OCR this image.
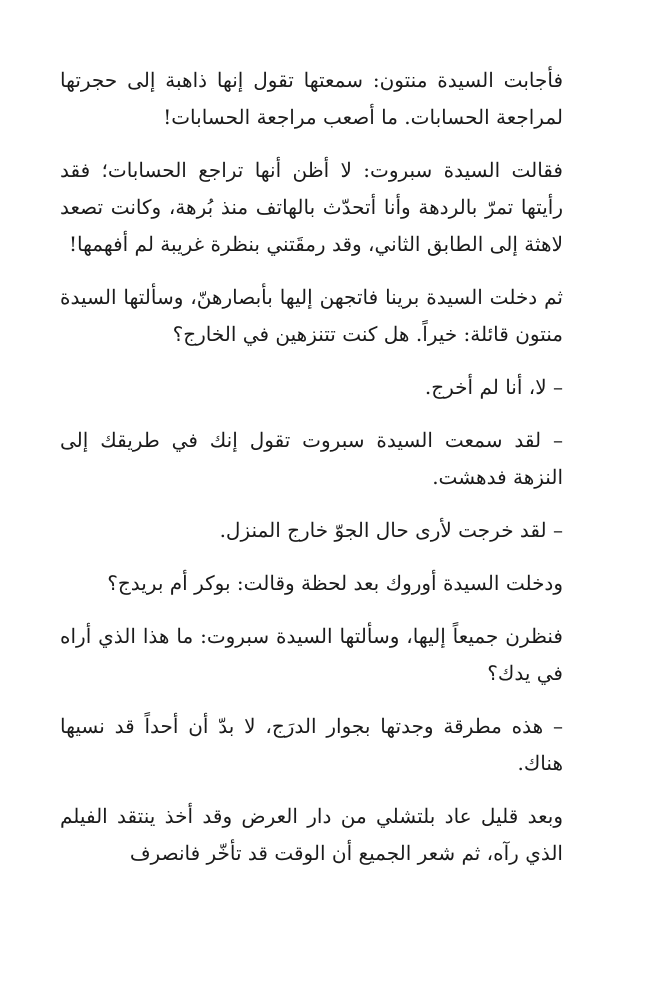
فأجابت السيدة منتون: سمعتها تقول إنها ذاهبة إلى حجرتها لمراجعة الحسابات. ما أصعب مراجعة الحسابات!

فقالت السيدة سبروت: لا أظن أنها تراجع الحسابات؛ فقد رأيتها تمرّ بالردهة وأنا أتحدّث بالهاتف منذ بُرهة، وكانت تصعد لاهثة إلى الطابق الثاني، وقد رمقَتني بنظرة غريبة لم أفهمها!

ثم دخلت السيدة برينا فاتجهن إليها بأبصارهنّ، وسألتها السيدة منتون قائلة: خيراً. هل كنت تتنزهين في الخارج؟

– لا، أنا لم أخرج.

– لقد سمعت السيدة سبروت تقول إنك في طريقك إلى النزهة فدهشت.

– لقد خرجت لأرى حال الجوّ خارج المنزل.

ودخلت السيدة أوروك بعد لحظة وقالت: بوكر أم بريدج؟

فنظرن جميعاً إليها، وسألتها السيدة سبروت: ما هذا الذي أراه في يدك؟

– هذه مطرقة وجدتها بجوار الدرَج، لا بدّ أن أحداً قد نسيها هناك.

وبعد قليل عاد بلتشلي من دار العرض وقد أخذ ينتقد الفيلم الذي رآه، ثم شعر الجميع أن الوقت قد تأخّر فانصرف
